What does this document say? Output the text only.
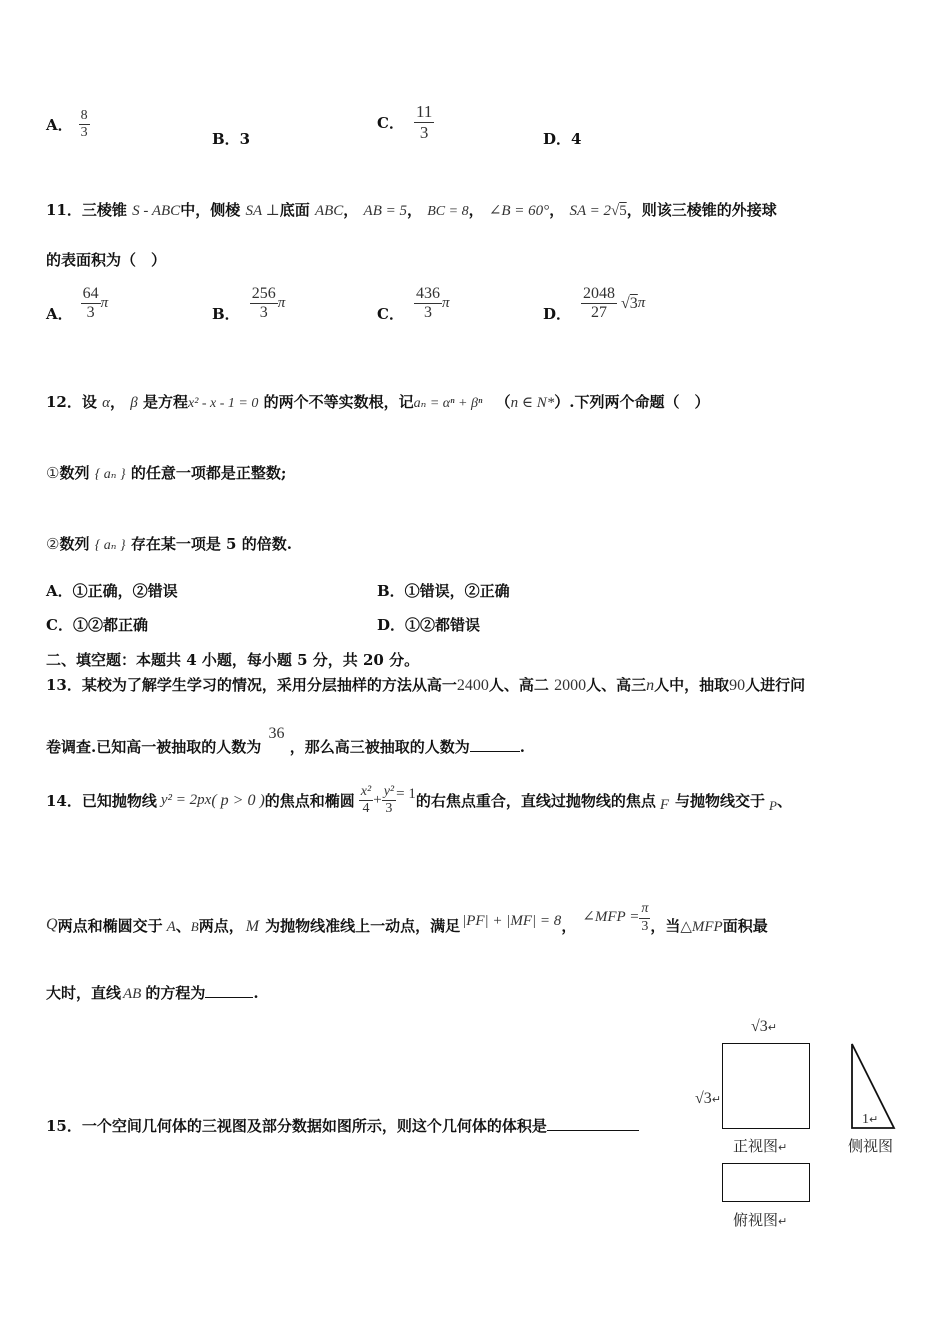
A． $\frac{8}{3}$	B．3
C． $\frac{11}{3}$	D．4
11．三棱锥 S - ABC中，侧棱 SA ⊥底面 ABC， AB = 5， BC = 8， ∠B = 60°， SA = 2√5，则该三棱锥的外接球
的表面积为（　）
A． $\frac{64}{3}$ π
B． $\frac{256}{3}$ π
C． $\frac{436}{3}$ π
D． $\frac{2048}{27} √3$ π
12．设 α， β 是方程x² - x - 1 = 0 的两个不等实数根，记aₙ = αⁿ + βⁿ （n ∈ N*）.下列两个命题（　）
①数列 { aₙ } 的任意一项都是正整数;
②数列 { aₙ } 存在某一项是 5 的倍数.
A．①正确，②错误	B．①错误，②正确
C．①②都正确	D．①②都错误
二、填空题：本题共 4 小题，每小题 5 分，共 20 分。
13．某校为了解学生学习的情况，采用分层抽样的方法从高一2400人、高二 2000人、高三n人中，抽取90人进行问
卷调查.已知高一被抽取的人数为 36 ，那么高三被抽取的人数为	.
14． 已知抛物线 y² = 2px ( p > 0 ) 的焦点和椭圆 $\frac{\text{x²}}{4} + \frac{\text{y²}}{3} = 1$ 的右焦点重合，直线过抛物线的焦点 F 与抛物线交于 P 、
Q 两点和椭圆交于 A 、 B 两点， M 为抛物线准线上一动点，满足 |PF| + |MF| = 8 ， ∠MFP = $\frac{\pi}{3}$ ，当 △MFP 面积最
大时，直线 AB 的方程为	.
15．一个空间几何体的三视图及部分数据如图所示，则这个几何体的体积是
√3↵
√3↵
正视图↵
1↵
侧视图
俯视图↵
